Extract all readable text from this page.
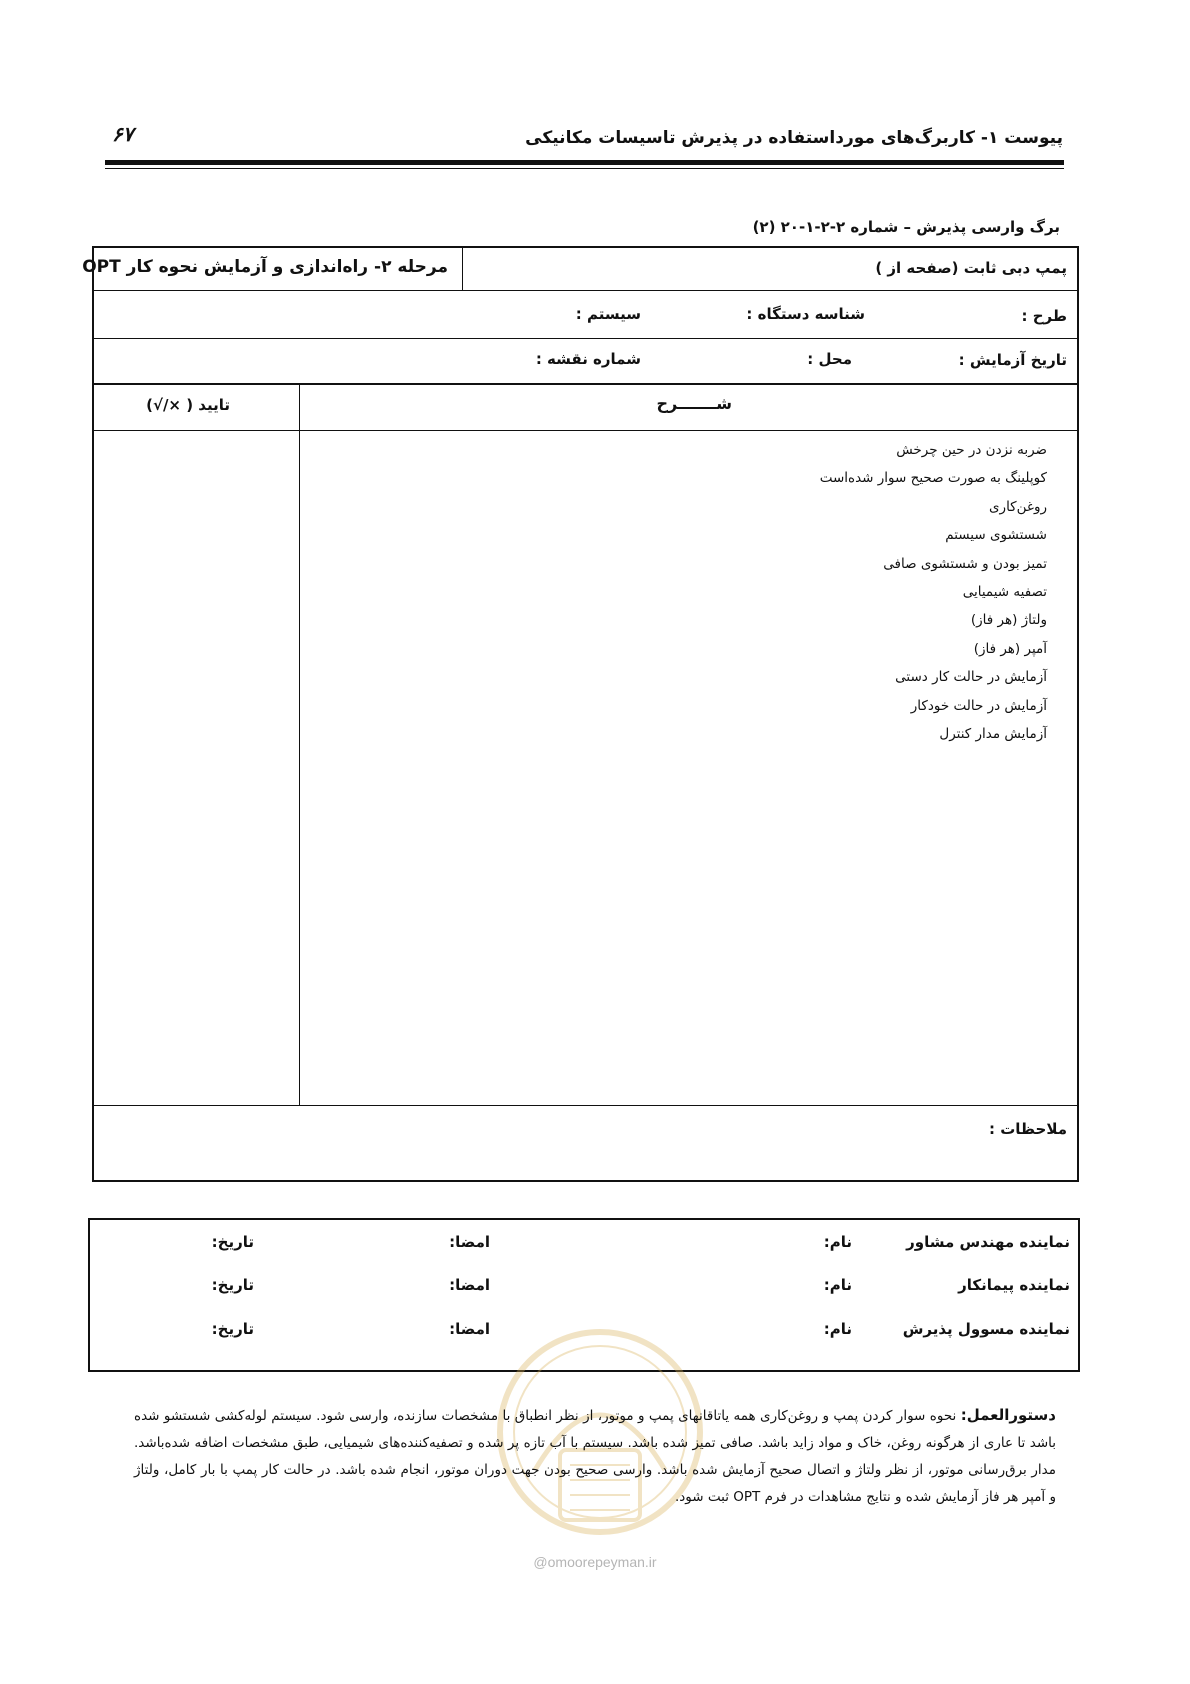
پیوست ۱- کاربرگ‌های مورداستفاده در پذیرش تاسیسات مکانیکی
۶۷
برگ وارسی پذیرش – شماره ۲-۲-۱-۲۰ (۲)
پمپ دبی ثابت (صفحه از )
مرحله ۲- راه‌اندازی و آزمایش نحوه کار OPT
طرح :
شناسه دستگاه :
سیستم :
تاریخ آزمایش :
محل :
شماره نقشه :
شـــــــرح
تایید ( ×/√)
ملاحظات :
ضربه نزدن در حین چرخش
کوپلینگ به صورت صحیح سوار شده‌است
روغن‌کاری
شستشوی سیستم
تمیز بودن و شستشوی صافی
تصفیه شیمیایی
ولتاژ (هر فاز)
آمپر (هر فاز)
آزمایش در حالت کار دستی
آزمایش در حالت خودکار
آزمایش مدار کنترل
نماینده مهندس مشاور
نام:
امضا:
تاریخ:
نماینده پیمانکار
نام:
امضا:
تاریخ:
نماینده مسوول پذیرش
نام:
امضا:
تاریخ:
دستورالعمل: نحوه سوار کردن پمپ و روغن‌کاری همه یاتاقانهای پمپ و موتور، از نظر انطباق با مشخصات سازنده، وارسی شود. سیستم لوله‌کشی شستشو شده باشد تا عاری از هرگونه روغن، خاک و مواد زاید باشد. صافی تمیز شده باشد. سیستم با آب تازه پر شده و تصفیه‌کننده‌های شیمیایی، طبق مشخصات اضافه شده‌باشد. مدار برق‌رسانی موتور، از نظر ولتاژ و اتصال صحیح آزمایش شده باشد. وارسی صحیح بودن جهت دوران موتور، انجام شده باشد. در حالت کار پمپ با بار کامل، ولتاژ و آمپر هر فاز آزمایش شده و نتایج مشاهدات در فرم OPT ثبت شود.
@omoorepeyman.ir
